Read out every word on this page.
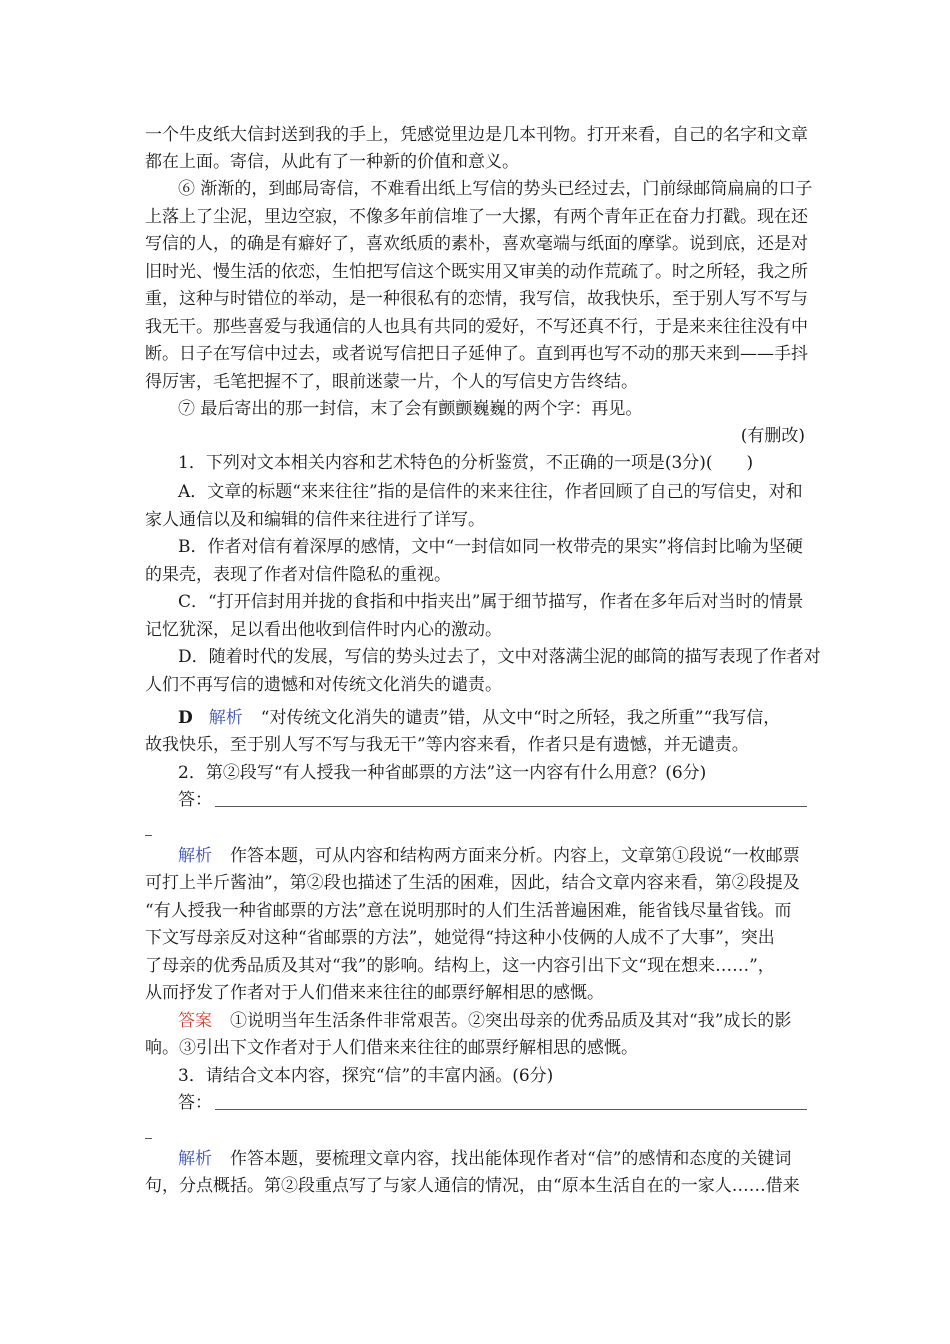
一个牛皮纸大信封送到我的手上，凭感觉里边是几本刊物。打开来看，自己的名字和文章
都在上面。寄信，从此有了一种新的价值和意义。
⑥ 渐渐的，到邮局寄信，不难看出纸上写信的势头已经过去，门前绿邮筒扁扁的口子
上落上了尘泥，里边空寂，不像多年前信堆了一大摞，有两个青年正在奋力打戳。现在还
写信的人，的确是有癖好了，喜欢纸质的素朴，喜欢毫端与纸面的摩挲。说到底，还是对
旧时光、慢生活的依恋，生怕把写信这个既实用又审美的动作荒疏了。时之所轻，我之所
重，这种与时错位的举动，是一种很私有的恋情，我写信，故我快乐，至于别人写不写与
我无干。那些喜爱与我通信的人也具有共同的爱好，不写还真不行，于是来来往往没有中
断。日子在写信中过去，或者说写信把日子延伸了。直到再也写不动的那天来到——手抖
得厉害，毛笔把握不了，眼前迷蒙一片，个人的写信史方告终结。
⑦ 最后寄出的那一封信，末了会有颤颤巍巍的两个字：再见。
(有删改)
1．下列对文本相关内容和艺术特色的分析鉴赏，不正确的一项是(3分)(　　)
A．文章的标题“来来往往”指的是信件的来来往往，作者回顾了自己的写信史，对和
家人通信以及和编辑的信件来往进行了详写。
B．作者对信有着深厚的感情，文中“一封信如同一枚带壳的果实”将信封比喻为坚硬
的果壳，表现了作者对信件隐私的重视。
C．“打开信封用并拢的食指和中指夹出”属于细节描写，作者在多年后对当时的情景
记忆犹深，足以看出他收到信件时内心的激动。
D．随着时代的发展，写信的势头过去了，文中对落满尘泥的邮筒的描写表现了作者对
人们不再写信的遗憾和对传统文化消失的谴责。
D 解析 “对传统文化消失的谴责”错，从文中“时之所轻，我之所重”“我写信，
故我快乐，至于别人写不写与我无干”等内容来看，作者只是有遗憾，并无谴责。
2．第②段写“有人授我一种省邮票的方法”这一内容有什么用意？(6分)
答：
解析 作答本题，可从内容和结构两方面来分析。内容上，文章第①段说“一枚邮票
可打上半斤酱油”，第②段也描述了生活的困难，因此，结合文章内容来看，第②段提及
“有人授我一种省邮票的方法”意在说明那时的人们生活普遍困难，能省钱尽量省钱。而
下文写母亲反对这种“省邮票的方法”，她觉得“持这种小伎俩的人成不了大事”，突出
了母亲的优秀品质及其对“我”的影响。结构上，这一内容引出下文“现在想来……”，
从而抒发了作者对于人们借来来往往的邮票纾解相思的感慨。
答案 ①说明当年生活条件非常艰苦。②突出母亲的优秀品质及其对“我”成长的影
响。③引出下文作者对于人们借来来往往的邮票纾解相思的感慨。
3．请结合文本内容，探究“信”的丰富内涵。(6分)
答：
解析 作答本题，要梳理文章内容，找出能体现作者对“信”的感情和态度的关键词
句，分点概括。第②段重点写了与家人通信的情况，由“原本生活自在的一家人……借来
